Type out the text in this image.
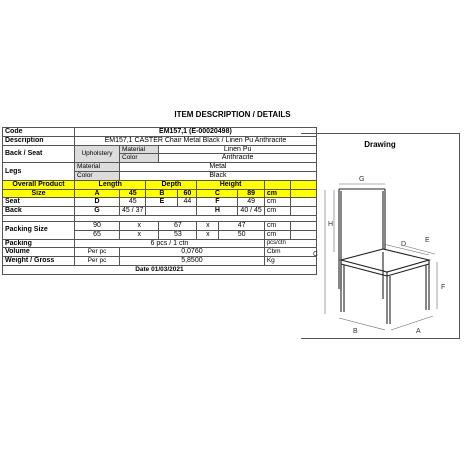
ITEM DESCRIPTION / DETAILS
Code	EM157,1 (E-00020498)									
Description	EM157,1 CASTER Chair Metal Black / Linen Pu Anthracite									
Back / Seat	Upholstery	Material		Linen Pu						
		Color		Anthracite						
Legs	Material	Metal								
	Color	Black								
Overall Product	Length		Depth			Height				
Size	A	45	B		60	C		89	cm	
Seat	D	45	E		44	F		49	cm	
Back	G	45 / 37				H		40 / 45	cm	

Packing Size	90	x		67		x	47		cm	
	65	x		53		x	50		cm	
Packing	6 pcs / 1 ctn								pcs/ctn	
Volume	Per pc	0,0760							Cbm	
Weight / Gross	Per pc	5,8500							Kg	
Date 01/03/2021										
Drawing
G
H
C
D
E
F
B	A
